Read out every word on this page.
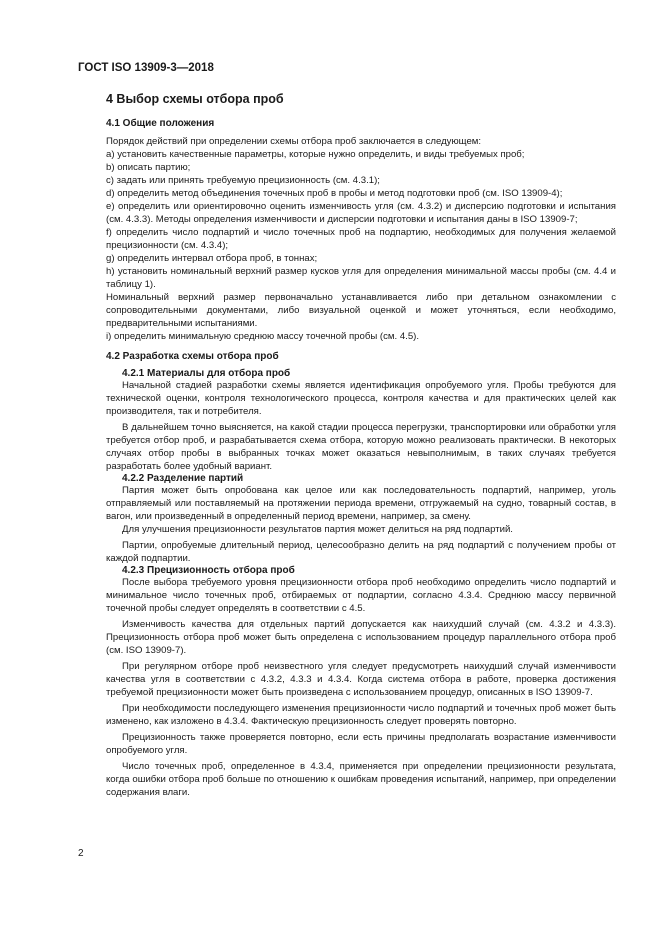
ГОСТ ISO 13909-3—2018
4 Выбор схемы отбора проб
4.1 Общие положения

Порядок действий при определении схемы отбора проб заключается в следующем:

a) установить качественные параметры, которые нужно определить, и виды требуемых проб;

b) описать партию;

c) задать или принять требуемую прецизионность (см. 4.3.1);

d) определить метод объединения точечных проб в пробы и метод подготовки проб (см. ISO 13909-4);

e) определить или ориентировочно оценить изменчивость угля (см. 4.3.2) и дисперсию подготовки и испытания (см. 4.3.3). Методы определения изменчивости и дисперсии подготовки и испытания даны в ISO 13909-7;

f) определить число подпартий и число точечных проб на подпартию, необходимых для получения желаемой прецизионности (см. 4.3.4);

g) определить интервал отбора проб, в тоннах;

h) установить номинальный верхний размер кусков угля для определения минимальной массы пробы (см. 4.4 и таблицу 1).

Номинальный верхний размер первоначально устанавливается либо при детальном ознакомлении с сопроводительными документами, либо визуальной оценкой и может уточняться, если необходимо, предварительными испытаниями.

i) определить минимальную среднюю массу точечной пробы (см. 4.5).

4.2 Разработка схемы отбора проб
4.2.1 Материалы для отбора проб

Начальной стадией разработки схемы является идентификация опробуемого угля. Пробы требуются для технической оценки, контроля технологического процесса, контроля качества и для практических целей как производителя, так и потребителя.

В дальнейшем точно выясняется, на какой стадии процесса перегрузки, транспортировки или обработки угля требуется отбор проб, и разрабатывается схема отбора, которую можно реализовать практически. В некоторых случаях отбор пробы в выбранных точках может оказаться невыполнимым, в таких случаях требуется разработать более удобный вариант.

4.2.2 Разделение партий

Партия может быть опробована как целое или как последовательность подпартий, например, уголь отправляемый или поставляемый на протяжении периода времени, отгружаемый на судно, товарный состав, в вагон, или произведенный в определенный период времени, например, за смену.

Для улучшения прецизионности результатов партия может делиться на ряд подпартий.

Партии, опробуемые длительный период, целесообразно делить на ряд подпартий с получением пробы от каждой подпартии.

4.2.3 Прецизионность отбора проб

После выбора требуемого уровня прецизионности отбора проб необходимо определить число подпартий и минимальное число точечных проб, отбираемых от подпартии, согласно 4.3.4. Среднюю массу первичной точечной пробы следует определять в соответствии с 4.5.

Изменчивость качества для отдельных партий допускается как наихудший случай (см. 4.3.2 и 4.3.3). Прецизионность отбора проб может быть определена с использованием процедур параллельного отбора проб (см. ISO 13909-7).

При регулярном отборе проб неизвестного угля следует предусмотреть наихудший случай изменчивости качества угля в соответствии с 4.3.2, 4.3.3 и 4.3.4. Когда система отбора в работе, проверка достижения требуемой прецизионности может быть произведена с использованием процедур, описанных в ISO 13909-7.

При необходимости последующего изменения прецизионности число подпартий и точечных проб может быть изменено, как изложено в 4.3.4. Фактическую прецизионность следует проверять повторно.

Прецизионность также проверяется повторно, если есть причины предполагать возрастание изменчивости опробуемого угля.

Число точечных проб, определенное в 4.3.4, применяется при определении прецизионности результата, когда ошибки отбора проб больше по отношению к ошибкам проведения испытаний, например, при определении содержания влаги.

2
